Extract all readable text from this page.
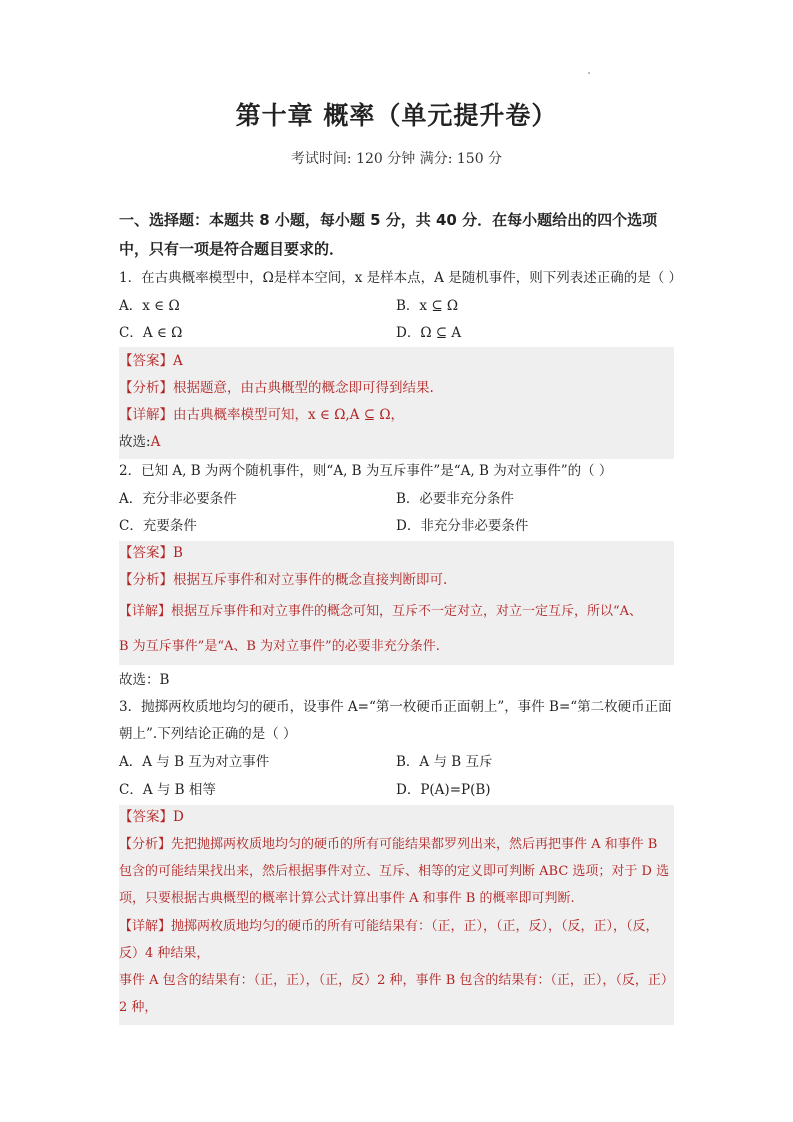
第十章 概率（单元提升卷）
考试时间: 120 分钟 满分: 150 分
一、选择题：本题共 8 小题，每小题 5 分，共 40 分．在每小题给出的四个选项中，只有一项是符合题目要求的．
1．在古典概率模型中，Ω是样本空间，x 是样本点，A 是随机事件，则下列表述正确的是（ ）
A．x ∈ Ω	B．x ⊆ Ω
C．A ∈ Ω	D．Ω ⊆ A
【答案】A
【分析】根据题意，由古典概型的概念即可得到结果.
【详解】由古典概率模型可知，x ∈ Ω,A ⊆ Ω，
故选:A
2．已知 A, B 为两个随机事件，则“A, B 为互斥事件”是“A, B 为对立事件”的（ ）
A．充分非必要条件	B．必要非充分条件
C．充要条件	D．非充分非必要条件
【答案】B
【分析】根据互斥事件和对立事件的概念直接判断即可.
【详解】根据互斥事件和对立事件的概念可知，互斥不一定对立，对立一定互斥，所以“A、
B 为互斥事件”是“A、B 为对立事件”的必要非充分条件.
故选：B
3．抛掷两枚质地均匀的硬币，设事件 A=“第一枚硬币正面朝上”，事件 B=“第二枚硬币正面
朝上”.下列结论正确的是（ ）
A．A 与 B 互为对立事件	B．A 与 B 互斥
C．A 与 B 相等	D．P(A)=P(B)
【答案】D
【分析】先把抛掷两枚质地均匀的硬币的所有可能结果都罗列出来，然后再把事件 A 和事件 B 包含的可能结果找出来，然后根据事件对立、互斥、相等的定义即可判断 ABC 选项；对于 D 选项，只要根据古典概型的概率计算公式计算出事件 A 和事件 B 的概率即可判断.
【详解】抛掷两枚质地均匀的硬币的所有可能结果有：（正，正），（正，反），（反，正），（反，反）4 种结果，
事件 A 包含的结果有：（正，正），（正，反）2 种，事件 B 包含的结果有：（正，正），（反，正）2 种，
